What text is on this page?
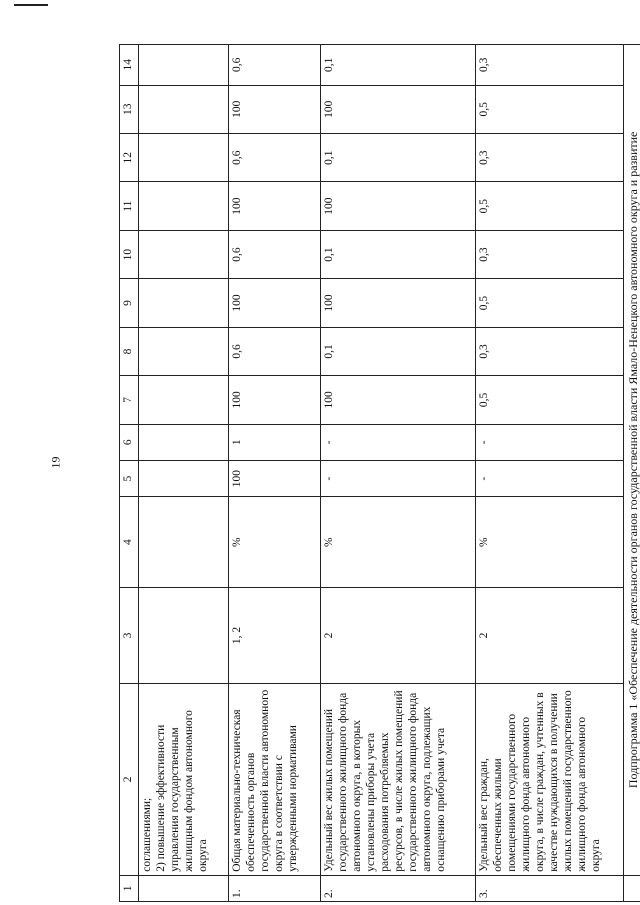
19
1	2	3	4	5	6	7	8	9	10	11	12	13	14
	соглашениями;
2) повышение эффективности управления государственным жилищным фондом автономного округа												
1.	Общая материально-техническая обеспеченность органов государственной власти автономного округа в соответствии с утвержденными нормативами	1, 2	%	100	1	100	0,6	100	0,6	100	0,6	100	0,6
2.	Удельный вес жилых помещений государственного жилищного фонда автономного округа, в которых установлены приборы учета расходования потребляемых ресурсов, в числе жилых помещений государственного жилищного фонда автономного округа, подлежащих оснащению приборами учета	2	%	-	-	100	0,1	100	0,1	100	0,1	100	0,1
3.	Удельный вес граждан, обеспеченных жилыми помещениями государственного жилищного фонда автономного округа, в числе граждан, учтенных в качестве нуждающихся в получении жилых помещений государственного жилищного фонда автономного округа	2	%	-	-	0,5	0,3	0,5	0,3	0,5	0,3	0,5	0,3
	Подпрограмма 1 «Обеспечение деятельности органов государственной власти Ямало-Ненецкого автономного округа и развитие												
